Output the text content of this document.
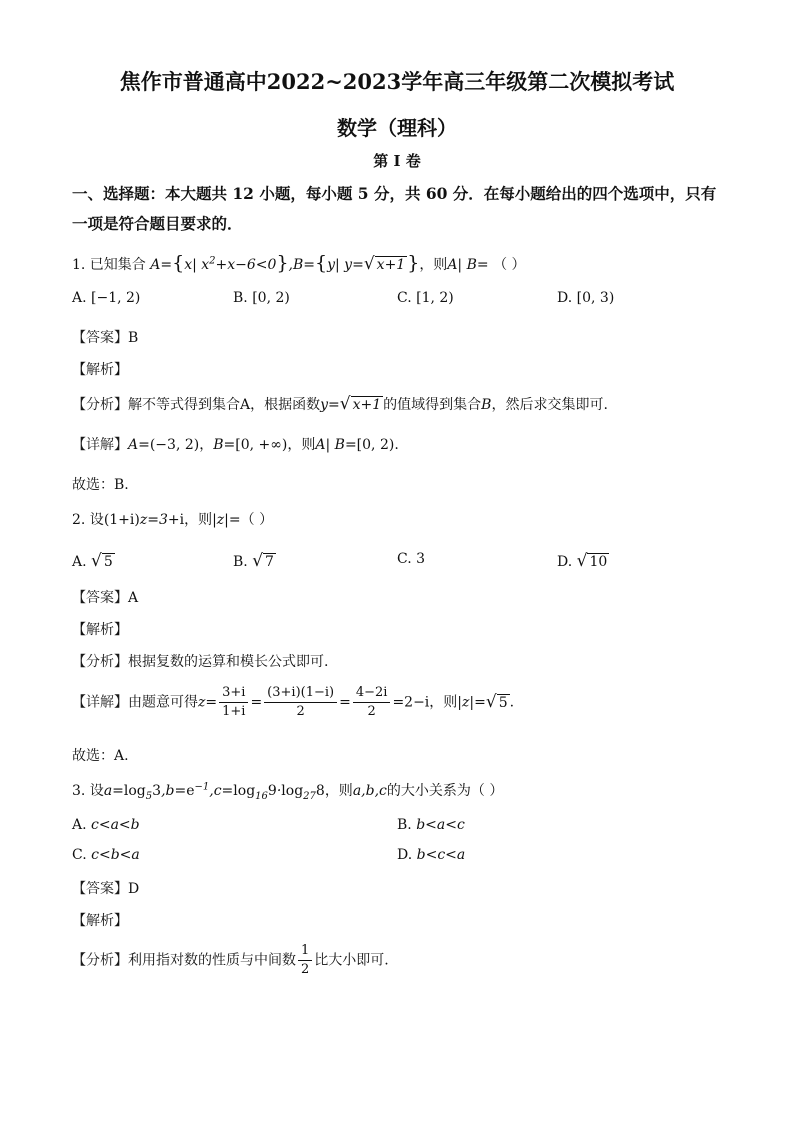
焦作市普通高中2022~2023学年高三年级第二次模拟考试
数学（理科）
第 I 卷
一、选择题：本大题共 12 小题，每小题 5 分，共 60 分．在每小题给出的四个选项中，只有
一项是符合题目要求的．
1. 已知集合 A={x| $x^2+x-6<0\},B=\{y|$ y=√ x+1 }，则A| B= （ ）
A. [−1, 2)	B. [0, 2)	C. [1, 2)	D. [0, 3)
【答案】B
【解析】
【分析】解不等式得到集合A，根据函数y=√ x+1 的值域得到集合B，然后求交集即可.
【详解】A=(−3, 2)，B=[0, +∞)，则A| B=[0, 2).
故选：B.
2. 设(1+i)z=3+i，则|z|=（ ）
A. √ 5	B. √ 7	C. 3	D. √ 10
【答案】A
【解析】
【分析】根据复数的运算和模长公式即可.
【详解】由题意可得$z= \frac{3+i}{1+i} = \frac{(3+i)(1-i)}{2} = \frac{4-2i}{2} =2-i$，则|z|=√ 5 .
故选：A.
3. 设$a=\log_53,b=e^{-1},c=\log_{16}9\cdot\log_{27}8$，则a,b,c的大小关系为（ ）
A. c<a<b	B. b<a<c
C. c<b<a	D. b<c<a
【答案】D
【解析】
【分析】利用指对数的性质与中间数 $\frac{1}{2}$ 比大小即可.
